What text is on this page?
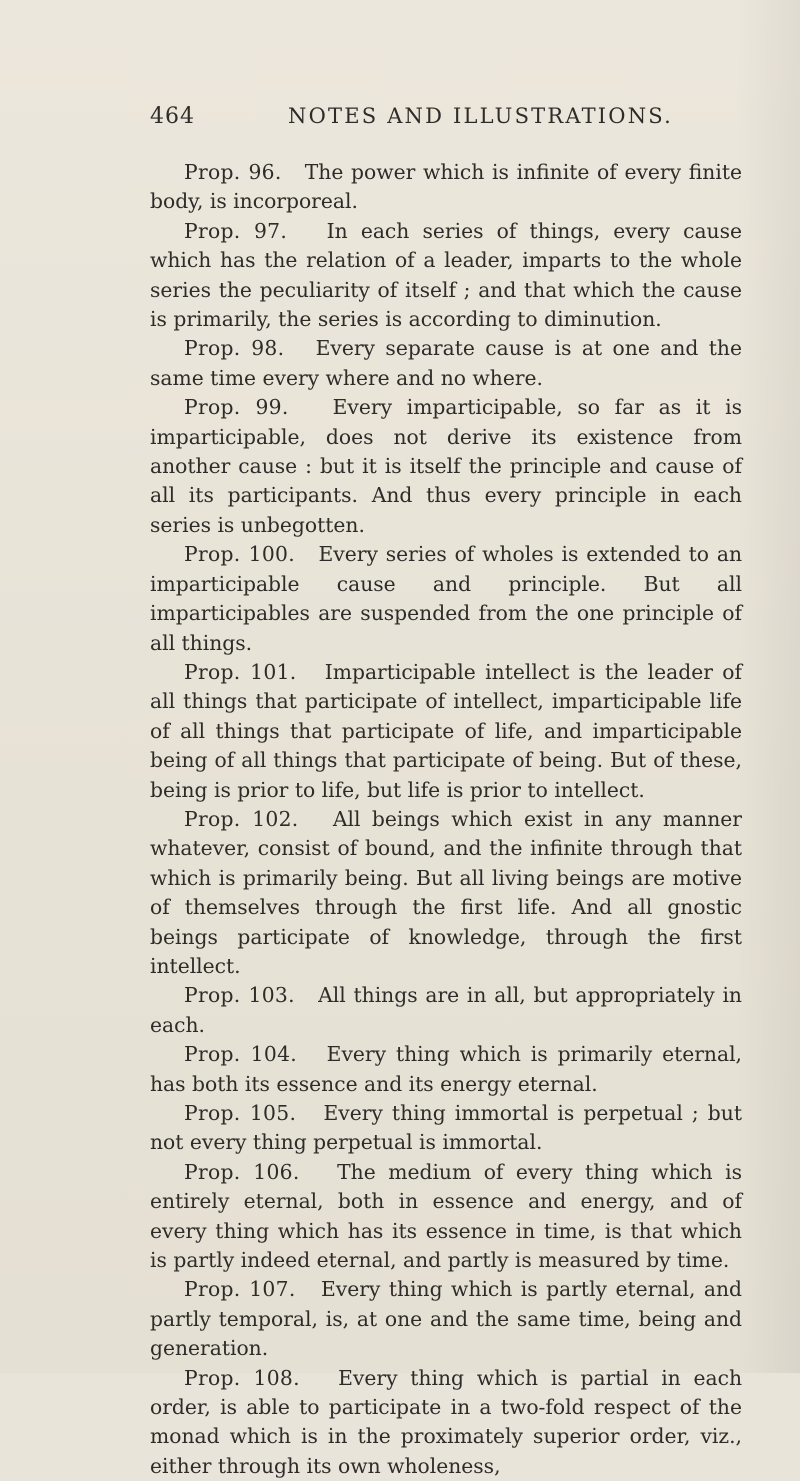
464	NOTES AND ILLUSTRATIONS.

Prop. 96. The power which is infinite of every finite body, is incorporeal.

Prop. 97. In each series of things, every cause which has the relation of a leader, imparts to the whole series the peculiarity of itself ; and that which the cause is primarily, the series is according to diminution.

Prop. 98. Every separate cause is at one and the same time every where and no where.

Prop. 99. Every imparticipable, so far as it is imparticipable, does not derive its existence from another cause : but it is itself the principle and cause of all its participants. And thus every principle in each series is unbegotten.

Prop. 100. Every series of wholes is extended to an imparticipable cause and principle. But all imparticipables are suspended from the one principle of all things.

Prop. 101. Imparticipable intellect is the leader of all things that participate of intellect, imparticipable life of all things that participate of life, and imparticipable being of all things that participate of being. But of these, being is prior to life, but life is prior to intellect.

Prop. 102. All beings which exist in any manner whatever, consist of bound, and the infinite through that which is primarily being. But all living beings are motive of themselves through the first life. And all gnostic beings participate of knowledge, through the first intellect.

Prop. 103. All things are in all, but appropriately in each.

Prop. 104. Every thing which is primarily eternal, has both its essence and its energy eternal.

Prop. 105. Every thing immortal is perpetual ; but not every thing perpetual is immortal.

Prop. 106. The medium of every thing which is entirely eternal, both in essence and energy, and of every thing which has its essence in time, is that which is partly indeed eternal, and partly is measured by time.

Prop. 107. Every thing which is partly eternal, and partly temporal, is, at one and the same time, being and generation.

Prop. 108. Every thing which is partial in each order, is able to participate in a two-fold respect of the monad which is in the proximately superior order, viz., either through its own wholeness,
